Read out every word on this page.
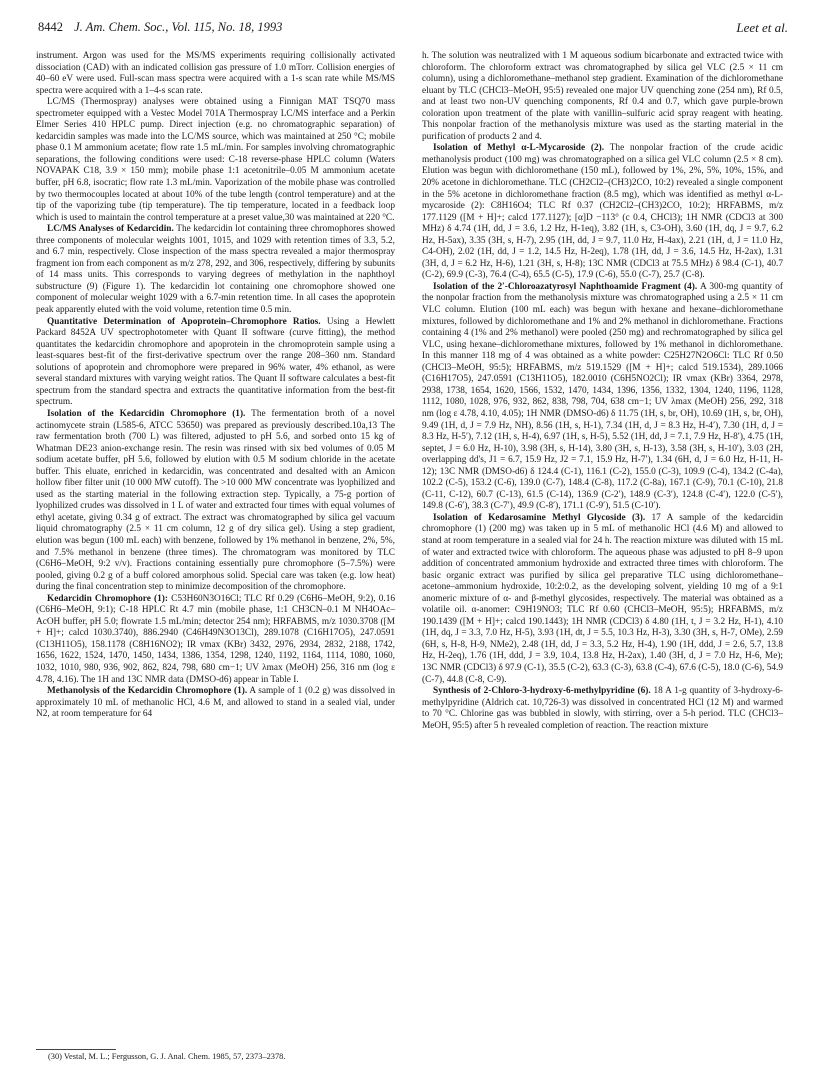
8442 J. Am. Chem. Soc., Vol. 115, No. 18, 1993	Leet et al.

instrument. Argon was used for the MS/MS experiments requiring collisionally activated dissociation (CAD) with an indicated collision gas pressure of 1.0 mTorr. Collision energies of 40–60 eV were used. Full-scan mass spectra were acquired with a 1-s scan rate while MS/MS spectra were acquired with a 1–4-s scan rate.

LC/MS (Thermospray) analyses were obtained using a Finnigan MAT TSQ70 mass spectrometer equipped with a Vestec Model 701A Thermospray LC/MS interface and a Perkin Elmer Series 410 HPLC pump. Direct injection (e.g. no chromatographic separation) of kedarcidin samples was made into the LC/MS source, which was maintained at 250 °C; mobile phase 0.1 M ammonium acetate; flow rate 1.5 mL/min. For samples involving chromatographic separations, the following conditions were used: C-18 reverse-phase HPLC column (Waters NOVAPAK C18, 3.9 × 150 mm); mobile phase 1:1 acetonitrile–0.05 M ammonium acetate buffer, pH 6.8, isocratic; flow rate 1.3 mL/min. Vaporization of the mobile phase was controlled by two thermocouples located at about 10% of the tube length (control temperature) and at the tip of the vaporizing tube (tip temperature). The tip temperature, located in a feedback loop which is used to maintain the control temperature at a preset value,30 was maintained at 220 °C.

LC/MS Analyses of Kedarcidin. The kedarcidin lot containing three chromophores showed three components of molecular weights 1001, 1015, and 1029 with retention times of 3.3, 5.2, and 6.7 min, respectively. Close inspection of the mass spectra revealed a major thermospray fragment ion from each component as m/z 278, 292, and 306, respectively, differing by subunits of 14 mass units. This corresponds to varying degrees of methylation in the naphthoyl substructure (9) (Figure 1). The kedarcidin lot containing one chromophore showed one component of molecular weight 1029 with a 6.7-min retention time. In all cases the apoprotein peak apparently eluted with the void volume, retention time 0.5 min.

Quantitative Determination of Apoprotein–Chromophore Ratios. Using a Hewlett Packard 8452A UV spectrophotometer with Quant II software (curve fitting), the method quantitates the kedarcidin chromophore and apoprotein in the chromoprotein sample using a least-squares best-fit of the first-derivative spectrum over the range 208–360 nm. Standard solutions of apoprotein and chromophore were prepared in 96% water, 4% ethanol, as were several standard mixtures with varying weight ratios. The Quant II software calculates a best-fit spectrum from the standard spectra and extracts the quantitative information from the best-fit spectrum.

Isolation of the Kedarcidin Chromophore (1). The fermentation broth of a novel actinomycete strain (L585-6, ATCC 53650) was prepared as previously described.10a,13 The raw fermentation broth (700 L) was filtered, adjusted to pH 5.6, and sorbed onto 15 kg of Whatman DE23 anion-exchange resin. The resin was rinsed with six bed volumes of 0.05 M sodium acetate buffer, pH 5.6, followed by elution with 0.5 M sodium chloride in the acetate buffer. This eluate, enriched in kedarcidin, was concentrated and desalted with an Amicon hollow fiber filter unit (10 000 MW cutoff). The >10 000 MW concentrate was lyophilized and used as the starting material in the following extraction step. Typically, a 75-g portion of lyophilized crudes was dissolved in 1 L of water and extracted four times with equal volumes of ethyl acetate, giving 0.34 g of extract. The extract was chromatographed by silica gel vacuum liquid chromatography (2.5 × 11 cm column, 12 g of dry silica gel). Using a step gradient, elution was begun (100 mL each) with benzene, followed by 1% methanol in benzene, 2%, 5%, and 7.5% methanol in benzene (three times). The chromatogram was monitored by TLC (C6H6–MeOH, 9:2 v/v). Fractions containing essentially pure chromophore (5–7.5%) were pooled, giving 0.2 g of a buff colored amorphous solid. Special care was taken (e.g. low heat) during the final concentration step to minimize decomposition of the chromophore.

Kedarcidin Chromophore (1): C53H60N3O16Cl; TLC Rf 0.29 (C6H6–MeOH, 9:2), 0.16 (C6H6–MeOH, 9:1); C-18 HPLC Rt 4.7 min (mobile phase, 1:1 CH3CN–0.1 M NH4OAc–AcOH buffer, pH 5.0; flowrate 1.5 mL/min; detector 254 nm); HRFABMS, m/z 1030.3708 ([M + H]+; calcd 1030.3740), 886.2940 (C46H49N3O13Cl), 289.1078 (C16H17O5), 247.0591 (C13H11O5), 158.1178 (C8H16NO2); IR νmax (KBr) 3432, 2976, 2934, 2832, 2188, 1742, 1656, 1622, 1524, 1470, 1450, 1434, 1386, 1354, 1298, 1240, 1192, 1164, 1114, 1080, 1060, 1032, 1010, 980, 936, 902, 862, 824, 798, 680 cm−1; UV λmax (MeOH) 256, 316 nm (log ε 4.78, 4.16). The 1H and 13C NMR data (DMSO-d6) appear in Table I.

Methanolysis of the Kedarcidin Chromophore (1). A sample of 1 (0.2 g) was dissolved in approximately 10 mL of methanolic HCl, 4.6 M, and allowed to stand in a sealed vial, under N2, at room temperature for 64

h. The solution was neutralized with 1 M aqueous sodium bicarbonate and extracted twice with chloroform. The chloroform extract was chromatographed by silica gel VLC (2.5 × 11 cm column), using a dichloromethane–methanol step gradient. Examination of the dichloromethane eluant by TLC (CHCl3–MeOH, 95:5) revealed one major UV quenching zone (254 nm), Rf 0.5, and at least two non-UV quenching components, Rf 0.4 and 0.7, which gave purple-brown coloration upon treatment of the plate with vanillin–sulfuric acid spray reagent with heating. This nonpolar fraction of the methanolysis mixture was used as the starting material in the purification of products 2 and 4.

Isolation of Methyl α-L-Mycaroside (2). The nonpolar fraction of the crude acidic methanolysis product (100 mg) was chromatographed on a silica gel VLC column (2.5 × 8 cm). Elution was begun with dichloromethane (150 mL), followed by 1%, 2%, 5%, 10%, 15%, and 20% acetone in dichloromethane. TLC (CH2Cl2–(CH3)2CO, 10:2) revealed a single component in the 5% acetone in dichloromethane fraction (8.5 mg), which was identified as methyl α-L-mycaroside (2): C8H16O4; TLC Rf 0.37 (CH2Cl2–(CH3)2CO, 10:2); HRFABMS, m/z 177.1129 ([M + H]+; calcd 177.1127); [α]D −113° (c 0.4, CHCl3); 1H NMR (CDCl3 at 300 MHz) δ 4.74 (1H, dd, J = 3.6, 1.2 Hz, H-1eq), 3.82 (1H, s, C3-OH), 3.60 (1H, dq, J = 9.7, 6.2 Hz, H-5ax), 3.35 (3H, s, H-7), 2.95 (1H, dd, J = 9.7, 11.0 Hz, H-4ax), 2.21 (1H, d, J = 11.0 Hz, C4-OH), 2.02 (1H, dd, J = 1.2, 14.5 Hz, H-2eq), 1.78 (1H, dd, J = 3.6, 14.5 Hz, H-2ax), 1.31 (3H, d, J = 6.2 Hz, H-6), 1.21 (3H, s, H-8); 13C NMR (CDCl3 at 75.5 MHz) δ 98.4 (C-1), 40.7 (C-2), 69.9 (C-3), 76.4 (C-4), 65.5 (C-5), 17.9 (C-6), 55.0 (C-7), 25.7 (C-8).

Isolation of the 2′-Chloroazatyrosyl Naphthoamide Fragment (4). A 300-mg quantity of the nonpolar fraction from the methanolysis mixture was chromatographed using a 2.5 × 11 cm VLC column. Elution (100 mL each) was begun with hexane and hexane–dichloromethane mixtures, followed by dichloromethane and 1% and 2% methanol in dichloromethane. Fractions containing 4 (1% and 2% methanol) were pooled (250 mg) and rechromatographed by silica gel VLC, using hexane–dichloromethane mixtures, followed by 1% methanol in dichloromethane. In this manner 118 mg of 4 was obtained as a white powder: C25H27N2O6Cl: TLC Rf 0.50 (CHCl3–MeOH, 95:5); HRFABMS, m/z 519.1529 ([M + H]+; calcd 519.1534), 289.1066 (C16H17O5), 247.0591 (C13H11O5), 182.0010 (C6H5NO2Cl); IR νmax (KBr) 3364, 2978, 2938, 1738, 1654, 1620, 1566, 1532, 1470, 1434, 1396, 1356, 1332, 1304, 1240, 1196, 1128, 1112, 1080, 1028, 976, 932, 862, 838, 798, 704, 638 cm−1; UV λmax (MeOH) 256, 292, 318 nm (log ε 4.78, 4.10, 4.05); 1H NMR (DMSO-d6) δ 11.75 (1H, s, br, OH), 10.69 (1H, s, br, OH), 9.49 (1H, d, J = 7.9 Hz, NH), 8.56 (1H, s, H-1), 7.34 (1H, d, J = 8.3 Hz, H-4′), 7.30 (1H, d, J = 8.3 Hz, H-5′), 7.12 (1H, s, H-4), 6.97 (1H, s, H-5), 5.52 (1H, dd, J = 7.1, 7.9 Hz, H-8′), 4.75 (1H, septet, J = 6.0 Hz, H-10), 3.98 (3H, s, H-14), 3.80 (3H, s, H-13), 3.58 (3H, s, H-10′), 3.03 (2H, overlapping dd's, J1 = 6.7, 15.9 Hz, J2 = 7.1, 15.9 Hz, H-7′), 1.34 (6H, d, J = 6.0 Hz, H-11, H-12); 13C NMR (DMSO-d6) δ 124.4 (C-1), 116.1 (C-2), 155.0 (C-3), 109.9 (C-4), 134.2 (C-4a), 102.2 (C-5), 153.2 (C-6), 139.0 (C-7), 148.4 (C-8), 117.2 (C-8a), 167.1 (C-9), 70.1 (C-10), 21.8 (C-11, C-12), 60.7 (C-13), 61.5 (C-14), 136.9 (C-2′), 148.9 (C-3′), 124.8 (C-4′), 122.0 (C-5′), 149.8 (C-6′), 38.3 (C-7′), 49.9 (C-8′), 171.1 (C-9′), 51.5 (C-10′).

Isolation of Kedarosamine Methyl Glycoside (3). 17 A sample of the kedarcidin chromophore (1) (200 mg) was taken up in 5 mL of methanolic HCl (4.6 M) and allowed to stand at room temperature in a sealed vial for 24 h. The reaction mixture was diluted with 15 mL of water and extracted twice with chloroform. The aqueous phase was adjusted to pH 8–9 upon addition of concentrated ammonium hydroxide and extracted three times with chloroform. The basic organic extract was purified by silica gel preparative TLC using dichloromethane–acetone–ammonium hydroxide, 10:2:0.2, as the developing solvent, yielding 10 mg of a 9:1 anomeric mixture of α- and β-methyl glycosides, respectively. The material was obtained as a volatile oil. α-anomer: C9H19NO3; TLC Rf 0.60 (CHCl3–MeOH, 95:5); HRFABMS, m/z 190.1439 ([M + H]+; calcd 190.1443); 1H NMR (CDCl3) δ 4.80 (1H, t, J = 3.2 Hz, H-1), 4.10 (1H, dq, J = 3.3, 7.0 Hz, H-5), 3.93 (1H, dt, J = 5.5, 10.3 Hz, H-3), 3.30 (3H, s, H-7, OMe), 2.59 (6H, s, H-8, H-9, NMe2), 2.48 (1H, dd, J = 3.3, 5.2 Hz, H-4), 1.90 (1H, ddd, J = 2.6, 5.7, 13.8 Hz, H-2eq), 1.76 (1H, ddd, J = 3.9, 10.4, 13.8 Hz, H-2ax), 1.40 (3H, d, J = 7.0 Hz, H-6, Me); 13C NMR (CDCl3) δ 97.9 (C-1), 35.5 (C-2), 63.3 (C-3), 63.8 (C-4), 67.6 (C-5), 18.0 (C-6), 54.9 (C-7), 44.8 (C-8, C-9).

Synthesis of 2-Chloro-3-hydroxy-6-methylpyridine (6). 18 A 1-g quantity of 3-hydroxy-6-methylpyridine (Aldrich cat. 10,726-3) was dissolved in concentrated HCl (12 M) and warmed to 70 °C. Chlorine gas was bubbled in slowly, with stirring, over a 5-h period. TLC (CHCl3–MeOH, 95:5) after 5 h revealed completion of reaction. The reaction mixture

(30) Vestal, M. L.; Fergusson, G. J. Anal. Chem. 1985, 57, 2373–2378.
